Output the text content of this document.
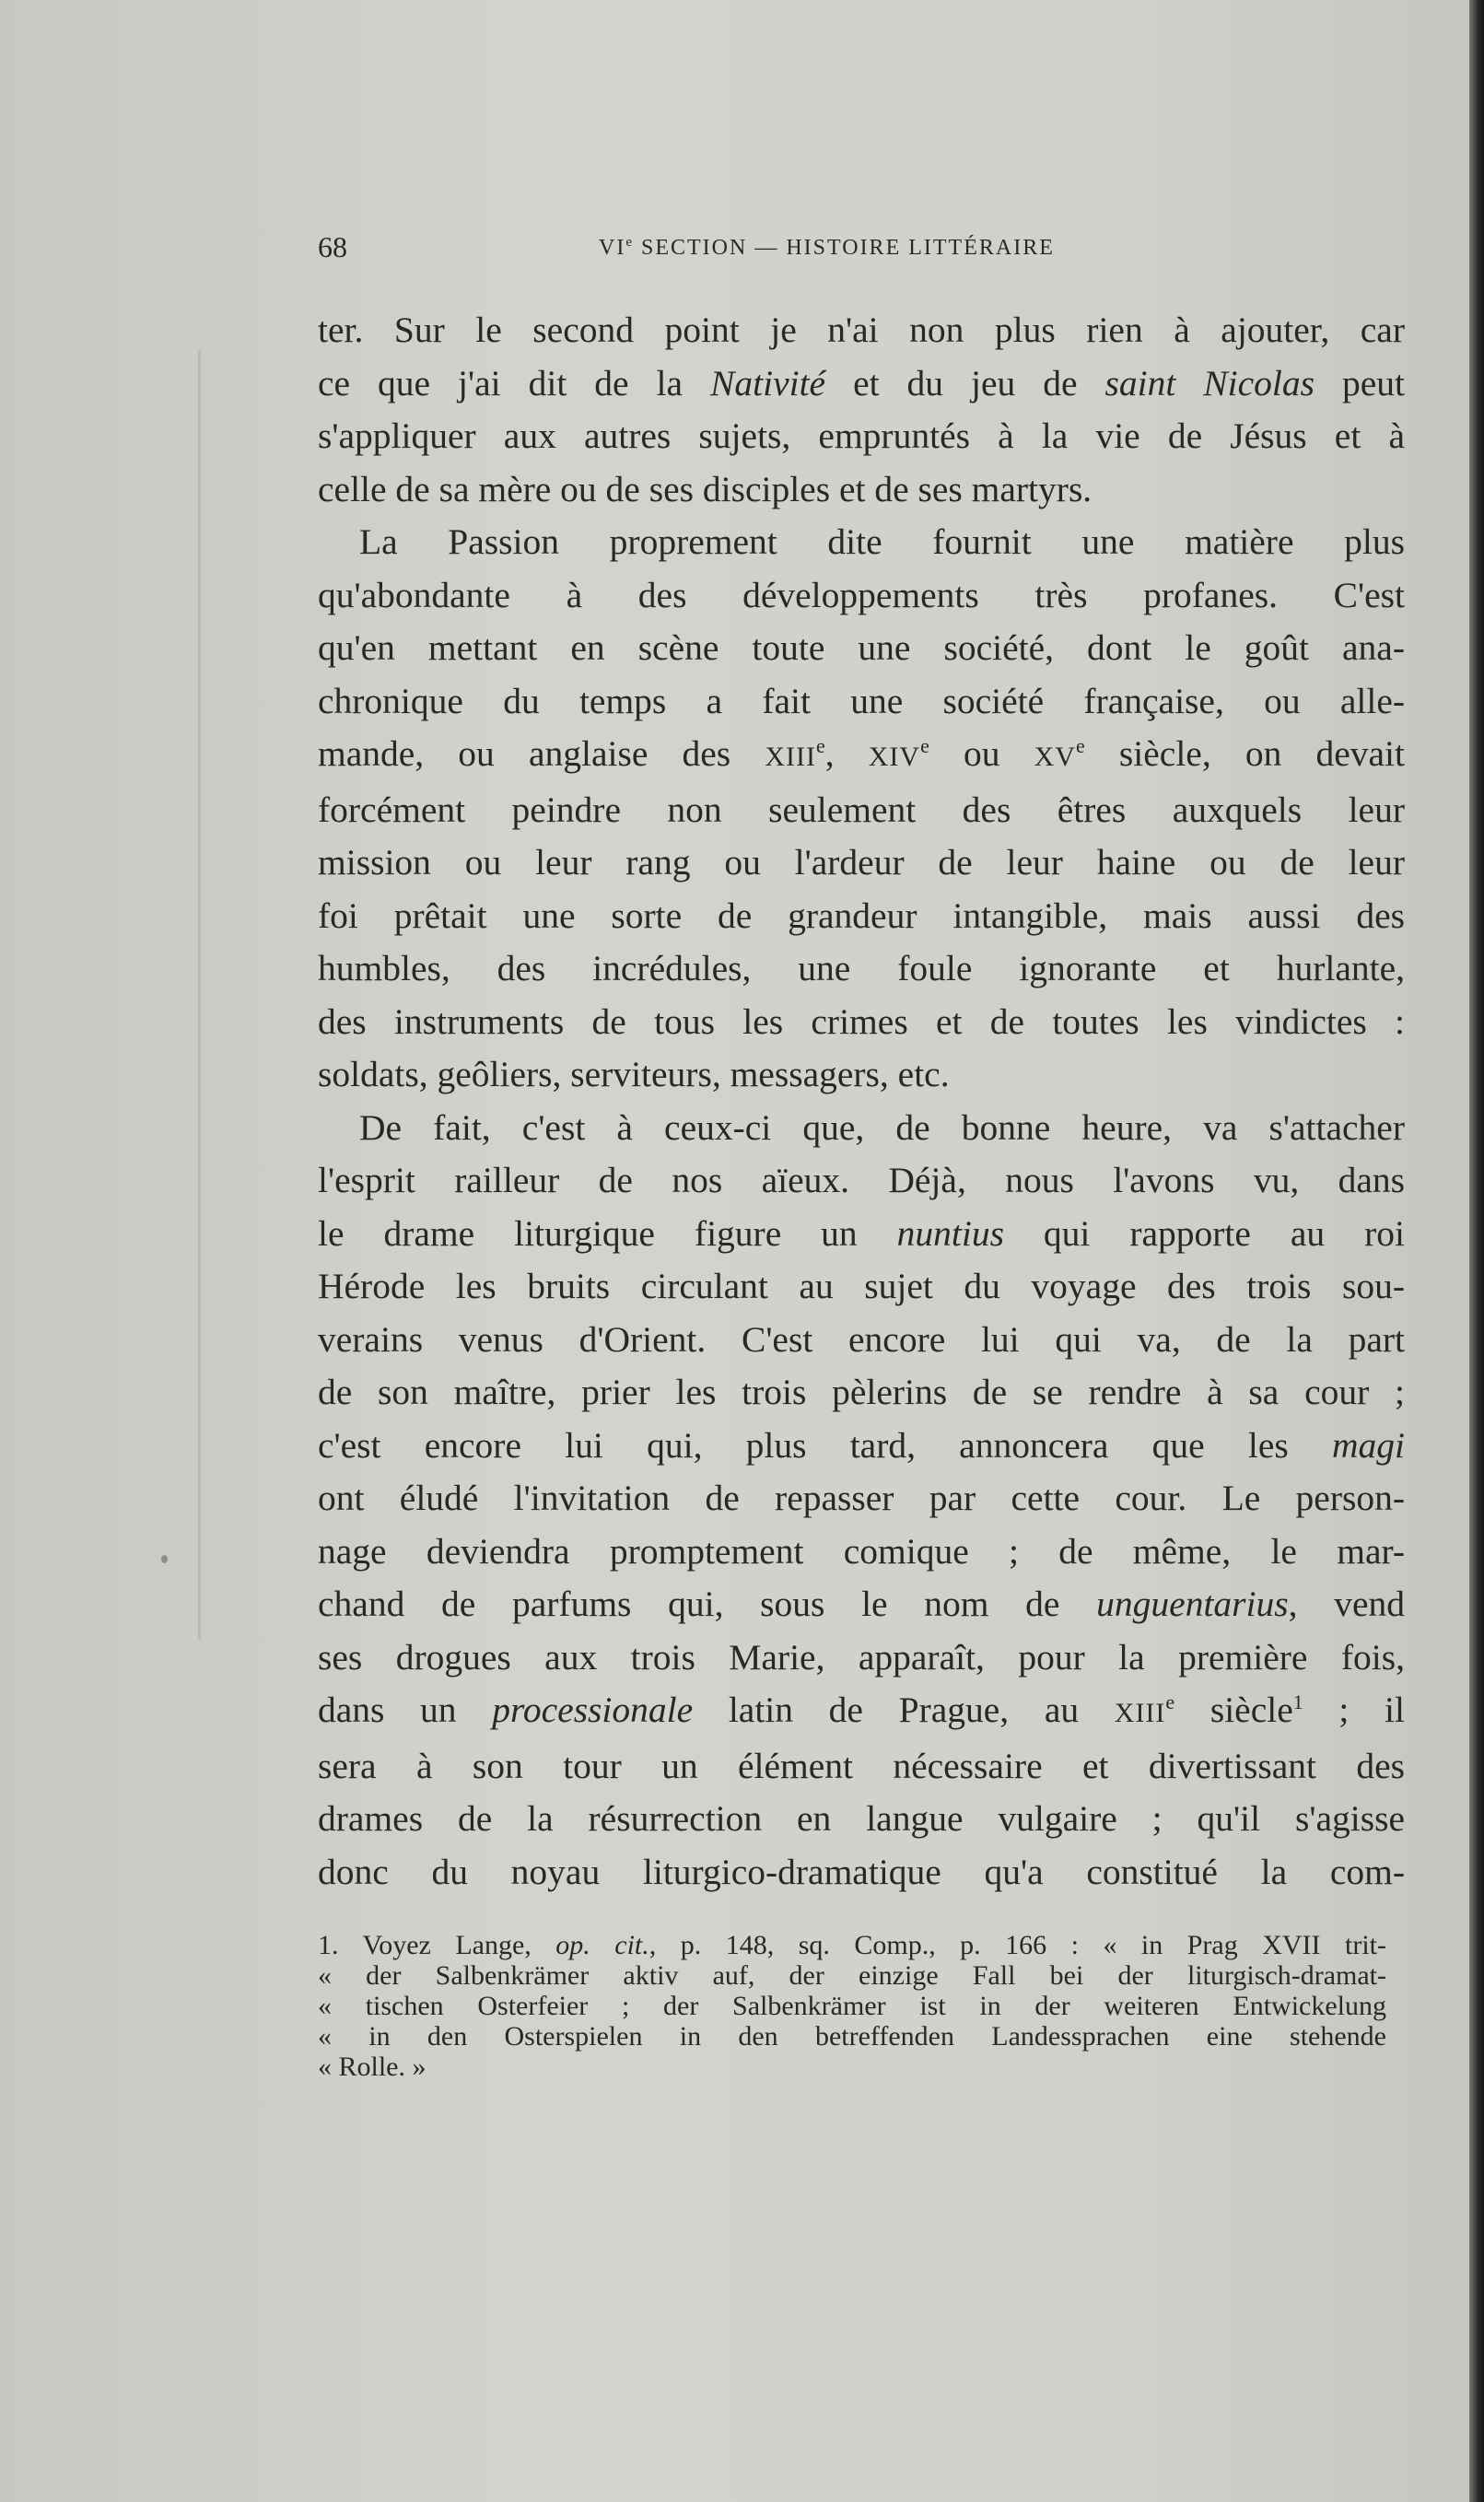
68	VIe SECTION — HISTOIRE LITTÉRAIRE
ter. Sur le second point je n'ai non plus rien à ajouter, car
ce que j'ai dit de la Nativité et du jeu de saint Nicolas peut
s'appliquer aux autres sujets, empruntés à la vie de Jésus et à
celle de sa mère ou de ses disciples et de ses martyrs.
La Passion proprement dite fournit une matière plus
qu'abondante à des développements très profanes. C'est
qu'en mettant en scène toute une société, dont le goût ana-
chronique du temps a fait une société française, ou alle-
mande, ou anglaise des XIIIe, XIVe ou XVe siècle, on devait
forcément peindre non seulement des êtres auxquels leur
mission ou leur rang ou l'ardeur de leur haine ou de leur
foi prêtait une sorte de grandeur intangible, mais aussi des
humbles, des incrédules, une foule ignorante et hurlante,
des instruments de tous les crimes et de toutes les vindictes :
soldats, geôliers, serviteurs, messagers, etc.
De fait, c'est à ceux-ci que, de bonne heure, va s'attacher
l'esprit railleur de nos aïeux. Déjà, nous l'avons vu, dans
le drame liturgique figure un nuntius qui rapporte au roi
Hérode les bruits circulant au sujet du voyage des trois sou-
verains venus d'Orient. C'est encore lui qui va, de la part
de son maître, prier les trois pèlerins de se rendre à sa cour ;
c'est encore lui qui, plus tard, annoncera que les magi
ont éludé l'invitation de repasser par cette cour. Le person-
nage deviendra promptement comique ; de même, le mar-
chand de parfums qui, sous le nom de unguentarius, vend
ses drogues aux trois Marie, apparaît, pour la première fois,
dans un processionale latin de Prague, au XIIIe siècle$^1$ ; il
sera à son tour un élément nécessaire et divertissant des
drames de la résurrection en langue vulgaire ; qu'il s'agisse
donc du noyau liturgico-dramatique qu'a constitué la com-
1. Voyez Lange, op. cit., p. 148, sq. Comp., p. 166 : « in Prag XVII trit-
« der Salbenkrämer aktiv auf, der einzige Fall bei der liturgisch-dramat-
« tischen Osterfeier ; der Salbenkrämer ist in der weiteren Entwickelung
« in den Osterspielen in den betreffenden Landessprachen eine stehende
« Rolle. »
